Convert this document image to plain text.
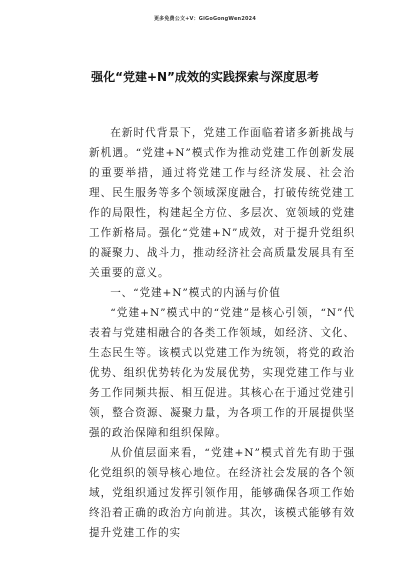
更多免费公文+V：GiGoGongWen2024
强化“党建+N”成效的实践探索与深度思考

在新时代背景下，党建工作面临着诸多新挑战与新机遇。“党建+N”模式作为推动党建工作创新发展的重要举措，通过将党建工作与经济发展、社会治理、民生服务等多个领域深度融合，打破传统党建工作的局限性，构建起全方位、多层次、宽领域的党建工作新格局。强化“党建+N”成效，对于提升党组织的凝聚力、战斗力，推动经济社会高质量发展具有至关重要的意义。

一、“党建+N”模式的内涵与价值

“党建+N”模式中的“党建”是核心引领，“N”代表着与党建相融合的各类工作领域，如经济、文化、生态民生等。该模式以党建工作为统领，将党的政治优势、组织优势转化为发展优势，实现党建工作与业务工作同频共振、相互促进。其核心在于通过党建引领，整合资源、凝聚力量，为各项工作的开展提供坚强的政治保障和组织保障。

从价值层面来看，“党建+N”模式首先有助于强化党组织的领导核心地位。在经济社会发展的各个领域，党组织通过发挥引领作用，能够确保各项工作始终沿着正确的政治方向前进。其次，该模式能够有效提升党建工作的实
